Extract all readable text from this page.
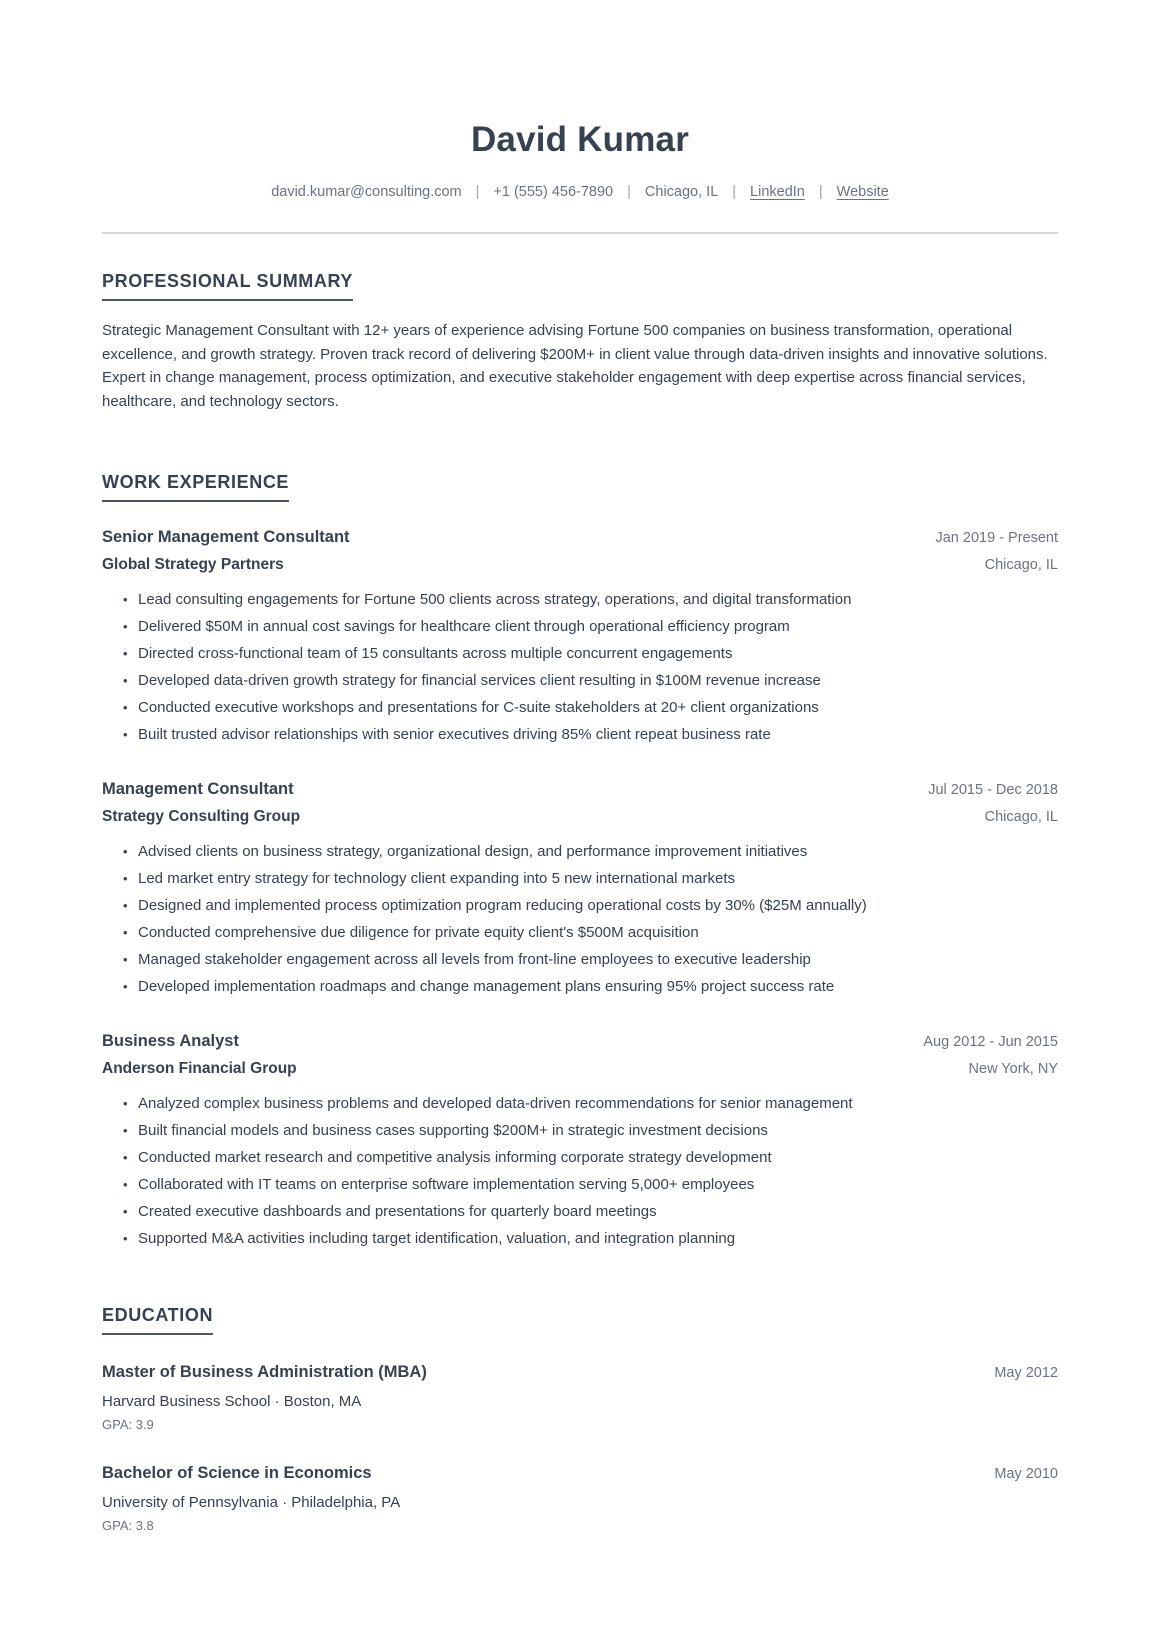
David Kumar
david.kumar@consulting.com | +1 (555) 456-7890 | Chicago, IL | LinkedIn | Website
PROFESSIONAL SUMMARY

Strategic Management Consultant with 12+ years of experience advising Fortune 500 companies on business transformation, operational excellence, and growth strategy. Proven track record of delivering $200M+ in client value through data-driven insights and innovative solutions. Expert in change management, process optimization, and executive stakeholder engagement with deep expertise across financial services, healthcare, and technology sectors.

WORK EXPERIENCE
Senior Management Consultant	Jan 2019 - Present
Global Strategy Partners	Chicago, IL
• Lead consulting engagements for Fortune 500 clients across strategy, operations, and digital transformation
• Delivered $50M in annual cost savings for healthcare client through operational efficiency program
• Directed cross-functional team of 15 consultants across multiple concurrent engagements
• Developed data-driven growth strategy for financial services client resulting in $100M revenue increase
• Conducted executive workshops and presentations for C-suite stakeholders at 20+ client organizations
• Built trusted advisor relationships with senior executives driving 85% client repeat business rate
Management Consultant	Jul 2015 - Dec 2018
Strategy Consulting Group	Chicago, IL
• Advised clients on business strategy, organizational design, and performance improvement initiatives
• Led market entry strategy for technology client expanding into 5 new international markets
• Designed and implemented process optimization program reducing operational costs by 30% ($25M annually)
• Conducted comprehensive due diligence for private equity client's $500M acquisition
• Managed stakeholder engagement across all levels from front-line employees to executive leadership
• Developed implementation roadmaps and change management plans ensuring 95% project success rate
Business Analyst	Aug 2012 - Jun 2015
Anderson Financial Group	New York, NY
• Analyzed complex business problems and developed data-driven recommendations for senior management
• Built financial models and business cases supporting $200M+ in strategic investment decisions
• Conducted market research and competitive analysis informing corporate strategy development
• Collaborated with IT teams on enterprise software implementation serving 5,000+ employees
• Created executive dashboards and presentations for quarterly board meetings
• Supported M&A activities including target identification, valuation, and integration planning
EDUCATION
Master of Business Administration (MBA)	May 2012
Harvard Business School · Boston, MA
GPA: 3.9
Bachelor of Science in Economics	May 2010
University of Pennsylvania · Philadelphia, PA
GPA: 3.8
